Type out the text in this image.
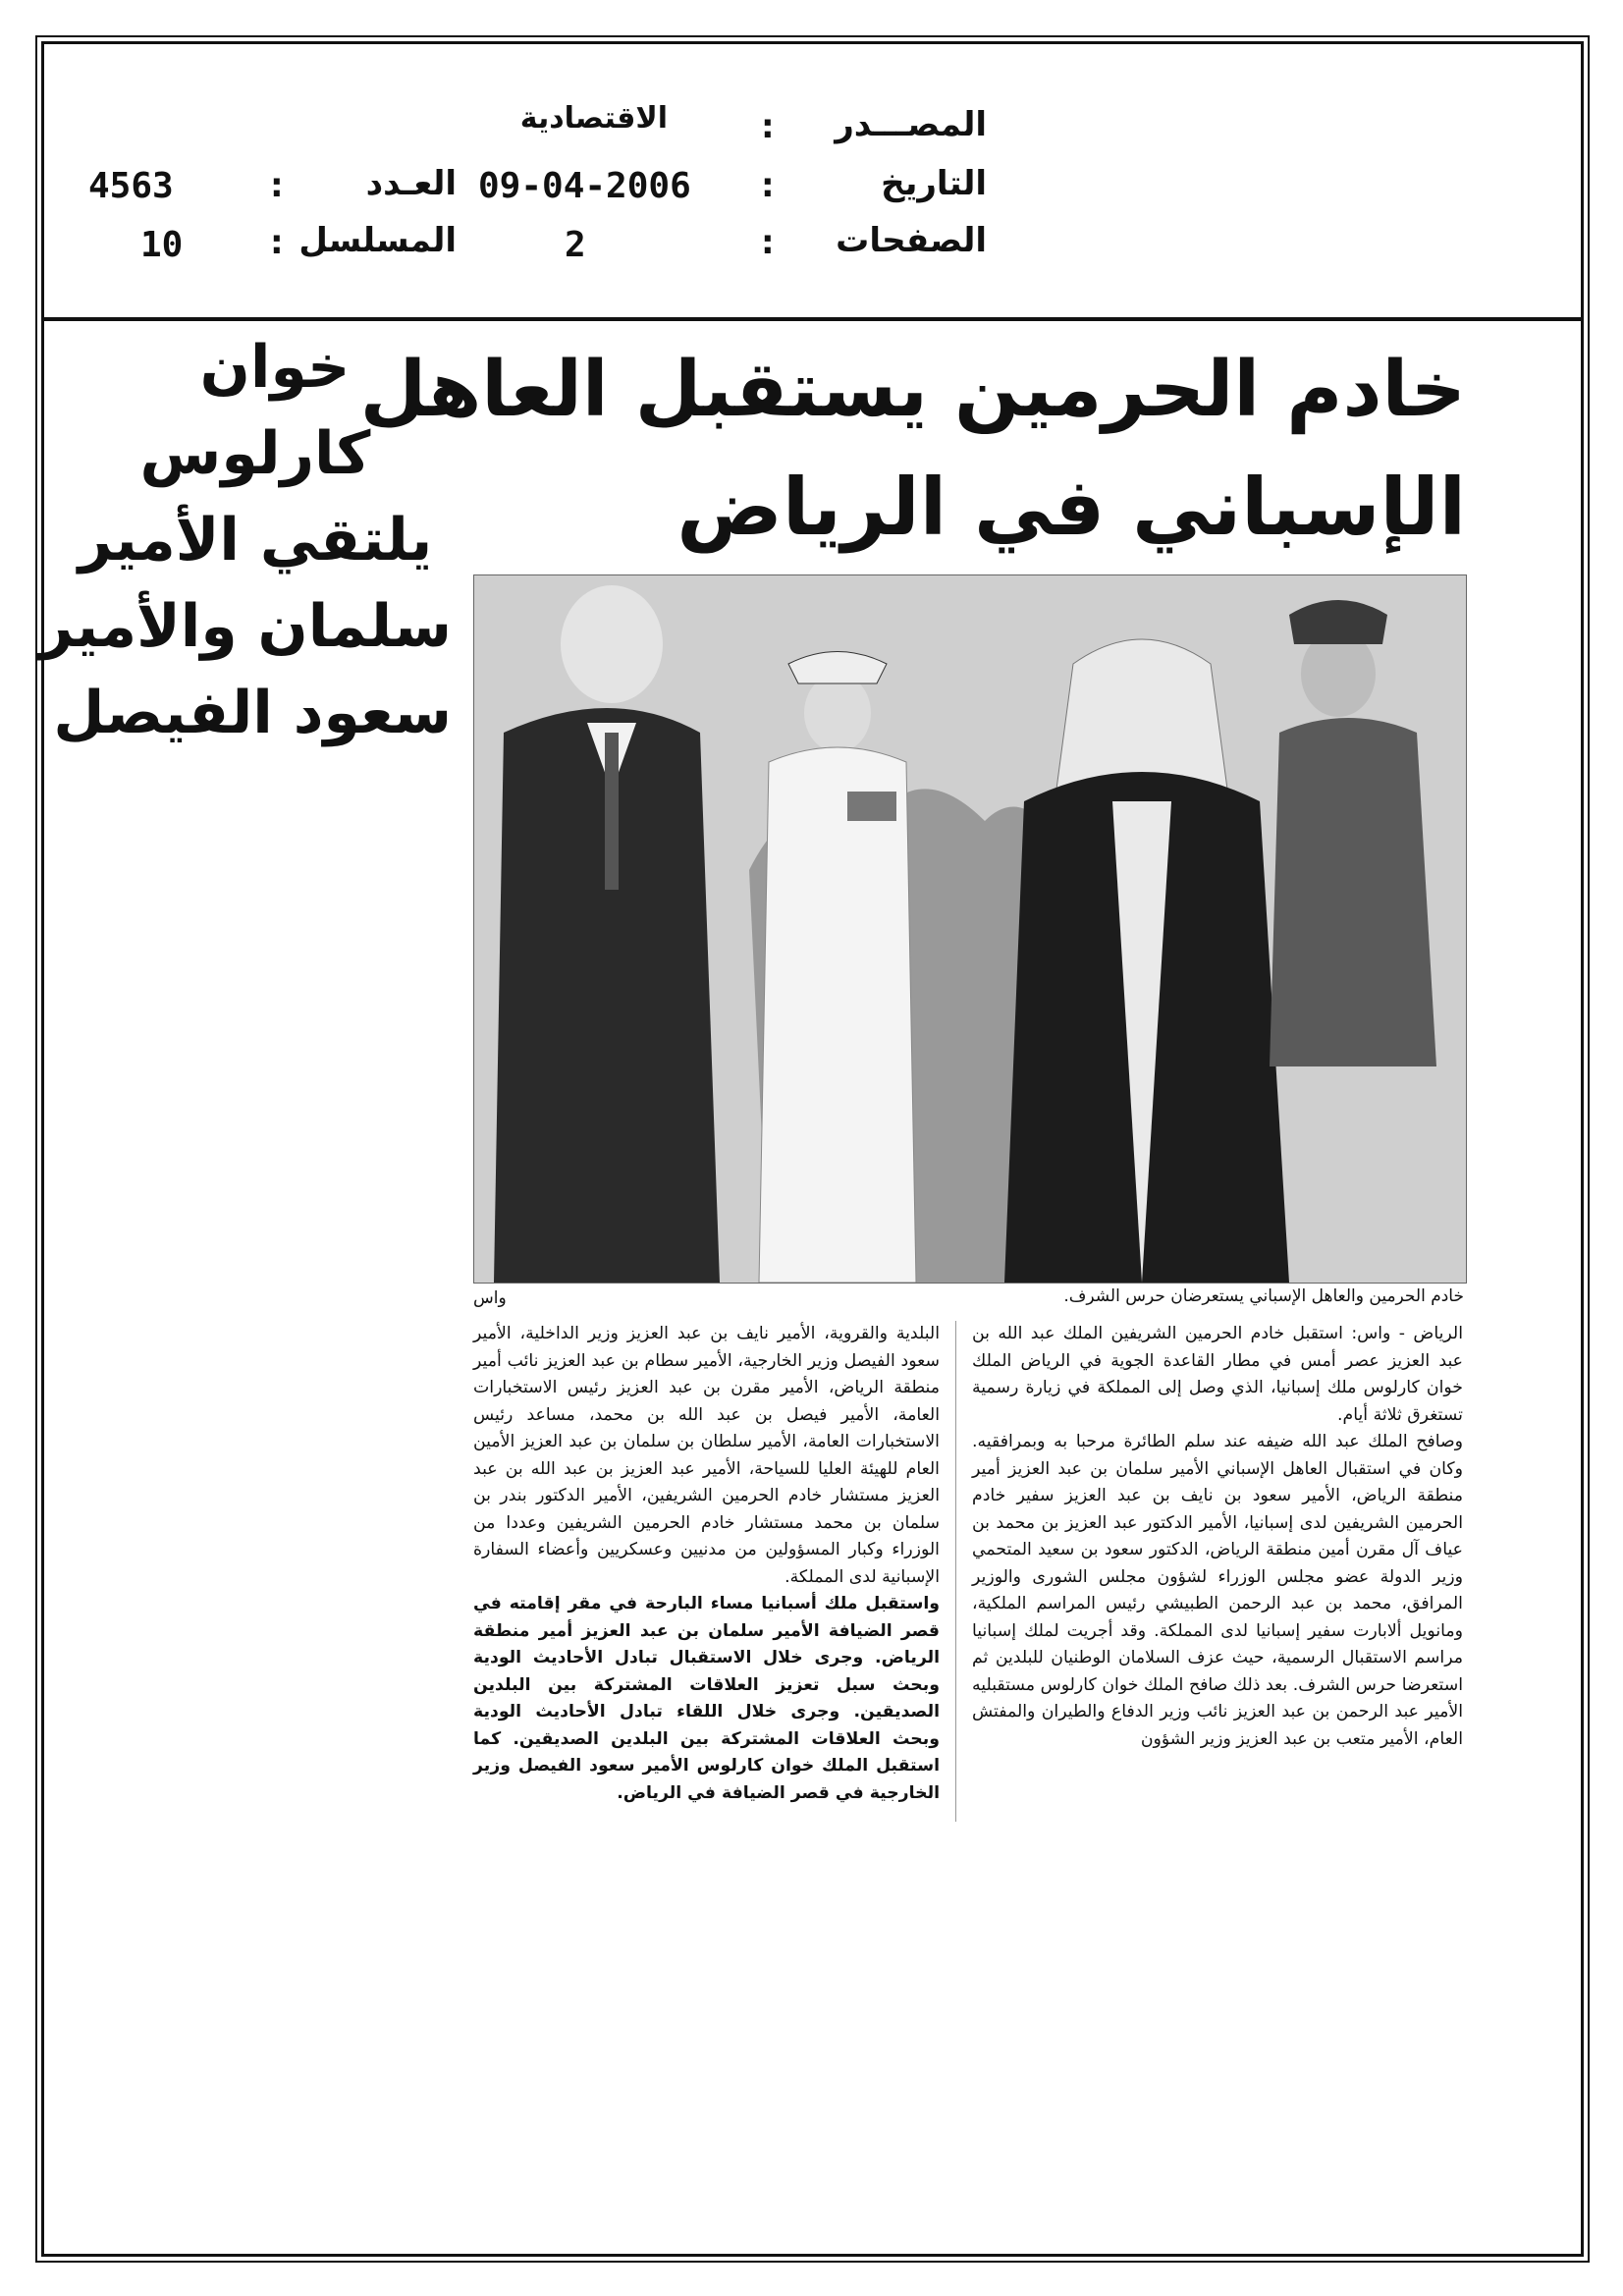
المصـــدر
:
الاقتصادية
التاريخ
:
09-04-2006
الصفحات
:
2
العـدد
:
4563
المسلسل
:
10
خادم الحرمين يستقبل العاهل
الإسباني في الرياض
خوان
كارلوس
يلتقي الأمير
سلمان والأمير
سعود الفيصل
خادم الحرمين والعاهل الإسباني يستعرضان حرس الشرف.
واس

الرياض - واس: استقبل خادم الحرمين الشريفين الملك عبد الله بن عبد العزيز عصر أمس في مطار القاعدة الجوية في الرياض الملك خوان كارلوس ملك إسبانيا، الذي وصل إلى المملكة في زيارة رسمية تستغرق ثلاثة أيام.

وصافح الملك عبد الله ضيفه عند سلم الطائرة مرحبا به وبمرافقيه. وكان في استقبال العاهل الإسباني الأمير سلمان بن عبد العزيز أمير منطقة الرياض، الأمير سعود بن نايف بن عبد العزيز سفير خادم الحرمين الشريفين لدى إسبانيا، الأمير الدكتور عبد العزيز بن محمد بن عياف آل مقرن أمين منطقة الرياض، الدكتور سعود بن سعيد المتحمي وزير الدولة عضو مجلس الوزراء لشؤون مجلس الشورى والوزير المرافق، محمد بن عبد الرحمن الطبيشي رئيس المراسم الملكية، ومانويل ألابارت سفير إسبانيا لدى المملكة. وقد أجريت لملك إسبانيا مراسم الاستقبال الرسمية، حيث عزف السلامان الوطنيان للبلدين ثم استعرضا حرس الشرف. بعد ذلك صافح الملك خوان كارلوس مستقبليه الأمير عبد الرحمن بن عبد العزيز نائب وزير الدفاع والطيران والمفتش العام، الأمير متعب بن عبد العزيز وزير الشؤون

البلدية والقروية، الأمير نايف بن عبد العزيز وزير الداخلية، الأمير سعود الفيصل وزير الخارجية، الأمير سطام بن عبد العزيز نائب أمير منطقة الرياض، الأمير مقرن بن عبد العزيز رئيس الاستخبارات العامة، الأمير فيصل بن عبد الله بن محمد، مساعد رئيس الاستخبارات العامة، الأمير سلطان بن سلمان بن عبد العزيز الأمين العام للهيئة العليا للسياحة، الأمير عبد العزيز بن عبد الله بن عبد العزيز مستشار خادم الحرمين الشريفين، الأمير الدكتور بندر بن سلمان بن محمد مستشار خادم الحرمين الشريفين وعددا من الوزراء وكبار المسؤولين من مدنيين وعسكريين وأعضاء السفارة الإسبانية لدى المملكة.

واستقبل ملك أسبانيا مساء البارحة في مقر إقامته في قصر الضيافة الأمير سلمان بن عبد العزيز أمير منطقة الرياض. وجرى خلال الاستقبال تبادل الأحاديث الودية وبحث سبل تعزيز العلاقات المشتركة بين البلدين الصديقين. وجرى خلال اللقاء تبادل الأحاديث الودية وبحث العلاقات المشتركة بين البلدين الصديقين. كما استقبل الملك خوان كارلوس الأمير سعود الفيصل وزير الخارجية في قصر الضيافة في الرياض.
